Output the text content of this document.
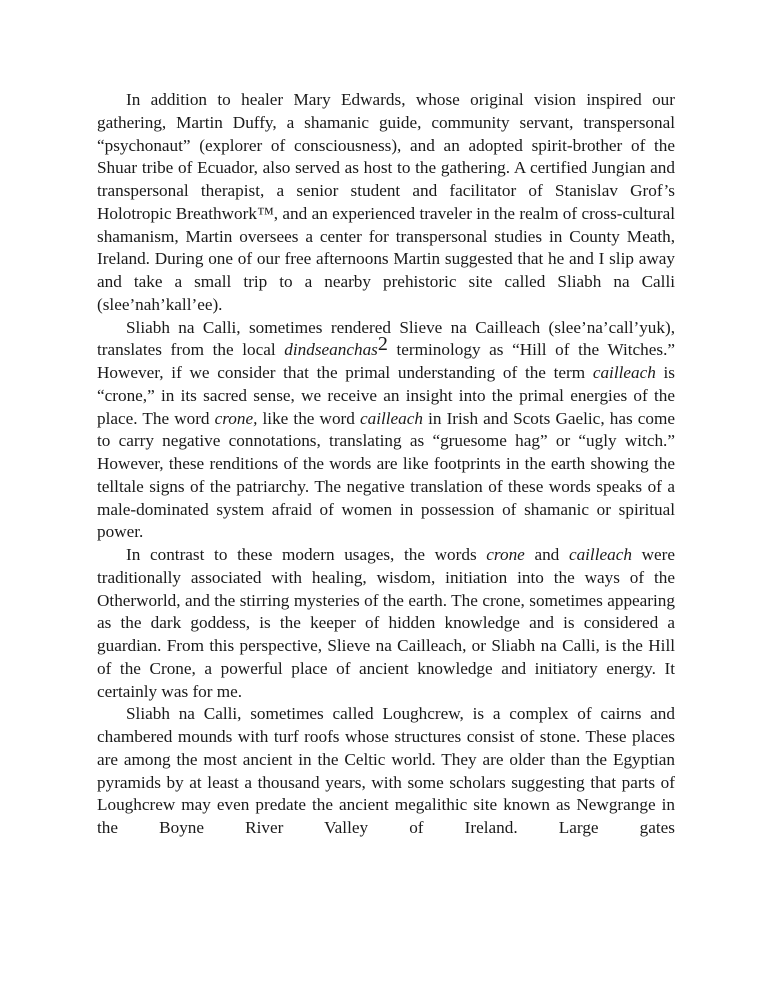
In addition to healer Mary Edwards, whose original vision inspired our gathering, Martin Duffy, a shamanic guide, community servant, transpersonal “psychonaut” (explorer of consciousness), and an adopted spirit-brother of the Shuar tribe of Ecuador, also served as host to the gathering. A certified Jungian and transpersonal therapist, a senior student and facilitator of Stanislav Grof’s Holotropic Breathwork™, and an experienced traveler in the realm of cross-cultural shamanism, Martin oversees a center for transpersonal studies in County Meath, Ireland. During one of our free afternoons Martin suggested that he and I slip away and take a small trip to a nearby prehistoric site called Sliabh na Calli (slee’nah’kall’ee).

Sliabh na Calli, sometimes rendered Slieve na Cailleach (slee’na’call’yuk), translates from the local dindseanchas2 terminology as “Hill of the Witches.” However, if we consider that the primal understanding of the term cailleach is “crone,” in its sacred sense, we receive an insight into the primal energies of the place. The word crone, like the word cailleach in Irish and Scots Gaelic, has come to carry negative connotations, translating as “gruesome hag” or “ugly witch.” However, these renditions of the words are like footprints in the earth showing the telltale signs of the patriarchy. The negative translation of these words speaks of a male-dominated system afraid of women in possession of shamanic or spiritual power.

In contrast to these modern usages, the words crone and cailleach were traditionally associated with healing, wisdom, initiation into the ways of the Otherworld, and the stirring mysteries of the earth. The crone, sometimes appearing as the dark goddess, is the keeper of hidden knowledge and is considered a guardian. From this perspective, Slieve na Cailleach, or Sliabh na Calli, is the Hill of the Crone, a powerful place of ancient knowledge and initiatory energy. It certainly was for me.

Sliabh na Calli, sometimes called Loughcrew, is a complex of cairns and chambered mounds with turf roofs whose structures consist of stone. These places are among the most ancient in the Celtic world. They are older than the Egyptian pyramids by at least a thousand years, with some scholars suggesting that parts of Loughcrew may even predate the ancient megalithic site known as Newgrange in the Boyne River Valley of Ireland. Large gates
